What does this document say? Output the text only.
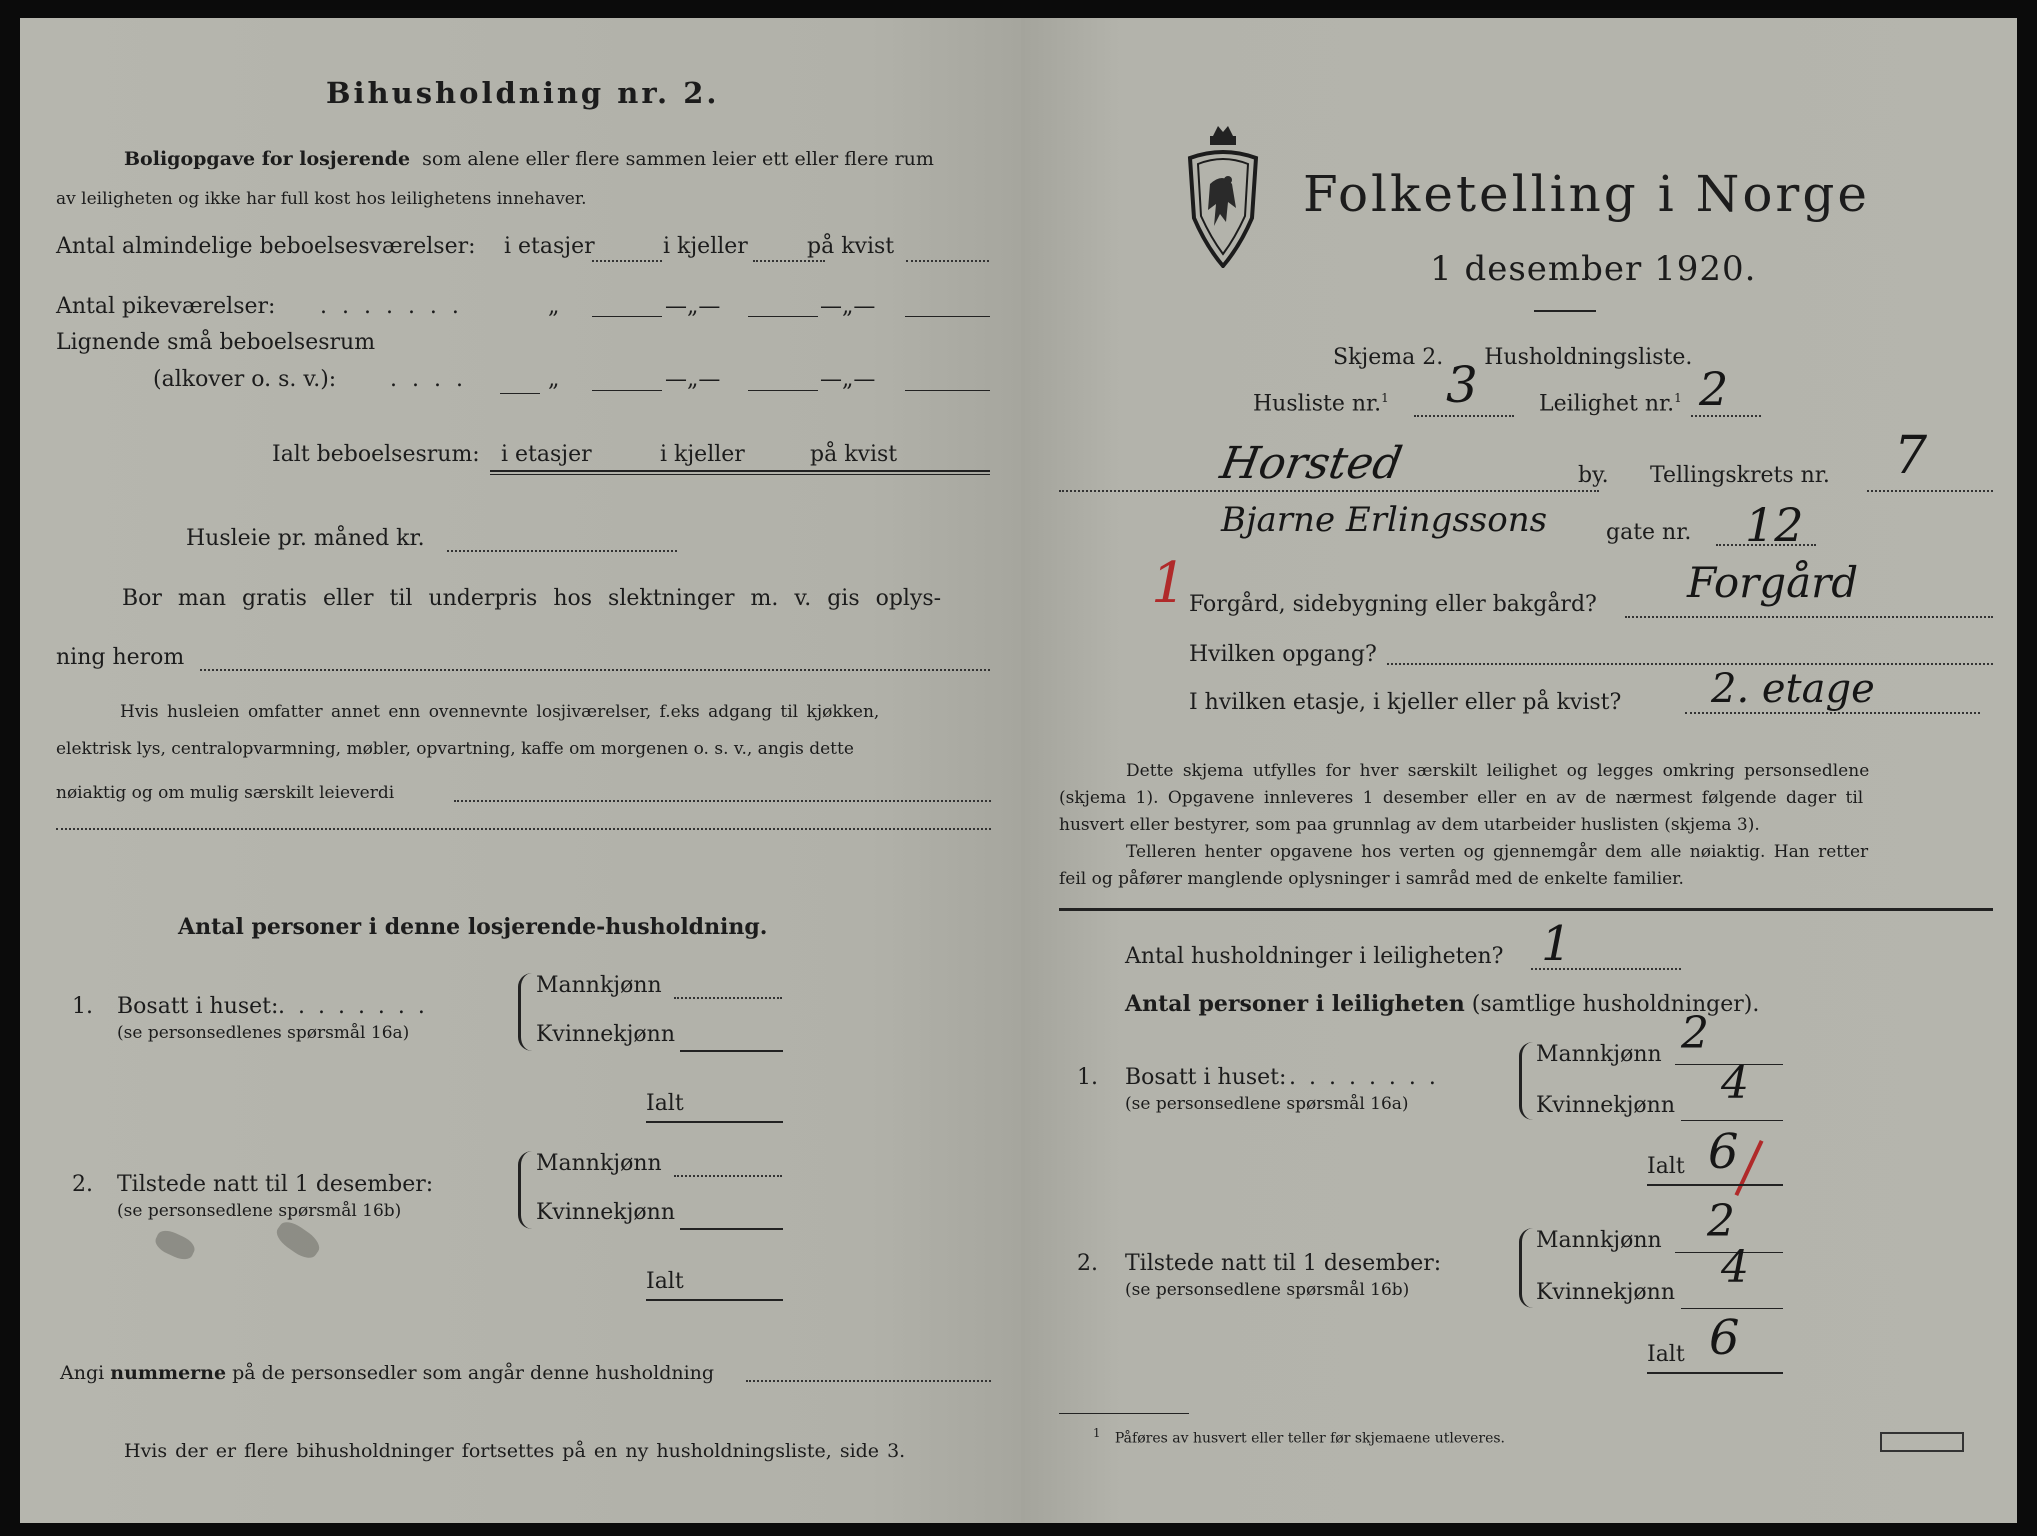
Bihusholdning nr. 2.
Boligopgave for losjerende som alene eller flere sammen leier ett eller flere rum
av leiligheten og ikke har full kost hos leilighetens innehaver.
Antal almindelige beboelsesværelser: i etasjer	i kjeller	på kvist
Antal pikeværelser: . . . . . . .	„	—„—	—„—
Lignende små beboelsesrum
(alkover o. s. v.): . . . .	„	—„—	—„—
Ialt beboelsesrum: i etasjer	i kjeller	på kvist
Husleie pr. måned kr.
Bor man gratis eller til underpris hos slektninger m. v. gis oplys-
ning herom
Hvis husleien omfatter annet enn ovennevnte losjiværelser, f.eks adgang til kjøkken,
elektrisk lys, centralopvarmning, møbler, opvartning, kaffe om morgenen o. s. v., angis dette
nøiaktig og om mulig særskilt leieverdi
Antal personer i denne losjerende-husholdning.
1. Bosatt i huset: . . . . . . . .
(se personsedlenes spørsmål 16a)
Mannkjønn
Kvinnekjønn
Ialt
2. Tilstede natt til 1 desember:
(se personsedlene spørsmål 16b)
Mannkjønn
Kvinnekjønn
Ialt
Angi nummerne på de personsedler som angår denne husholdning
Hvis der er flere bihusholdninger fortsettes på en ny husholdningsliste, side 3.
Folketelling i Norge
1 desember 1920.
Skjema 2. Husholdningsliste.
Husliste nr.$^1$ 3	Leilighet nr.$^1$ 2
Horsted	by. Tellingskrets nr. 7
Bjarne Erlingssons	gate nr. 12
1 Forgård, sidebygning eller bakgård? Forgård
Hvilken opgang?
I hvilken etasje, i kjeller eller på kvist? 2. etage
Dette skjema utfylles for hver særskilt leilighet og legges omkring personsedlene
(skjema 1). Opgavene innleveres 1 desember eller en av de nærmest følgende dager til
husvert eller bestyrer, som paa grunnlag av dem utarbeider huslisten (skjema 3).
Telleren henter opgavene hos verten og gjennemgår dem alle nøiaktig. Han retter
feil og påfører manglende oplysninger i samråd med de enkelte familier.
Antal husholdninger i leiligheten? 1
Antal personer i leiligheten (samtlige husholdninger).
1. Bosatt i huset: . . . . . . . .
(se personsedlene spørsmål 16a)
Mannkjønn 2
Kvinnekjønn 4
Ialt 6
2. Tilstede natt til 1 desember:
(se personsedlene spørsmål 16b)
Mannkjønn 2
Kvinnekjønn 4
Ialt 6
$^1$ Påføres av husvert eller teller før skjemaene utleveres.
